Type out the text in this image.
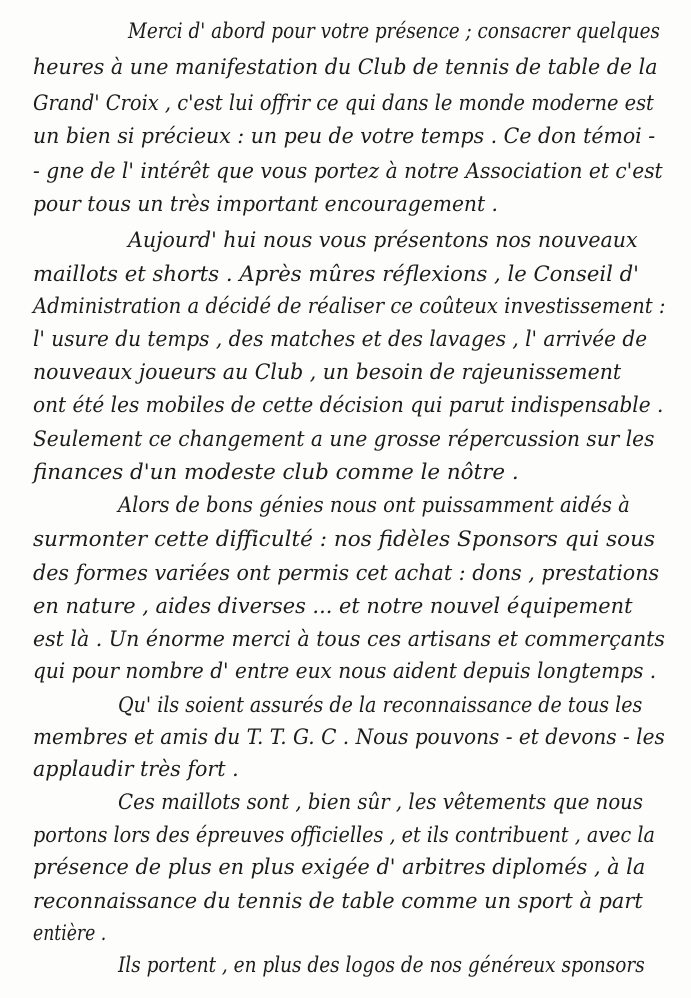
Merci d' abord pour votre présence ; consacrer quelques
heures à une manifestation du Club de tennis de table de la
Grand' Croix , c'est lui offrir ce qui dans le monde moderne est
un bien si précieux : un peu de votre temps . Ce don témoi -
- gne de l' intérêt que vous portez à notre Association et c'est
pour tous un très important encouragement .
Aujourd' hui nous vous présentons nos nouveaux
maillots et shorts . Après mûres réflexions , le Conseil d'
Administration a décidé de réaliser ce coûteux investissement :
l' usure du temps , des matches et des lavages , l' arrivée de
nouveaux joueurs au Club , un besoin de rajeunissement
ont été les mobiles de cette décision qui parut indispensable .
Seulement ce changement a une grosse répercussion sur les
finances d'un modeste club comme le nôtre .
Alors de bons génies nous ont puissamment aidés à
surmonter cette difficulté : nos fidèles Sponsors qui sous
des formes variées ont permis cet achat : dons , prestations
en nature , aides diverses ... et notre nouvel équipement
est là . Un énorme merci à tous ces artisans et commerçants
qui pour nombre d' entre eux nous aident depuis longtemps .
Qu' ils soient assurés de la reconnaissance de tous les
membres et amis du T. T. G. C . Nous pouvons - et devons - les
applaudir très fort .
Ces maillots sont , bien sûr , les vêtements que nous
portons lors des épreuves officielles , et ils contribuent , avec la
présence de plus en plus exigée d' arbitres diplomés , à la
reconnaissance du tennis de table comme un sport à part
entière .
Ils portent , en plus des logos de nos généreux sponsors
